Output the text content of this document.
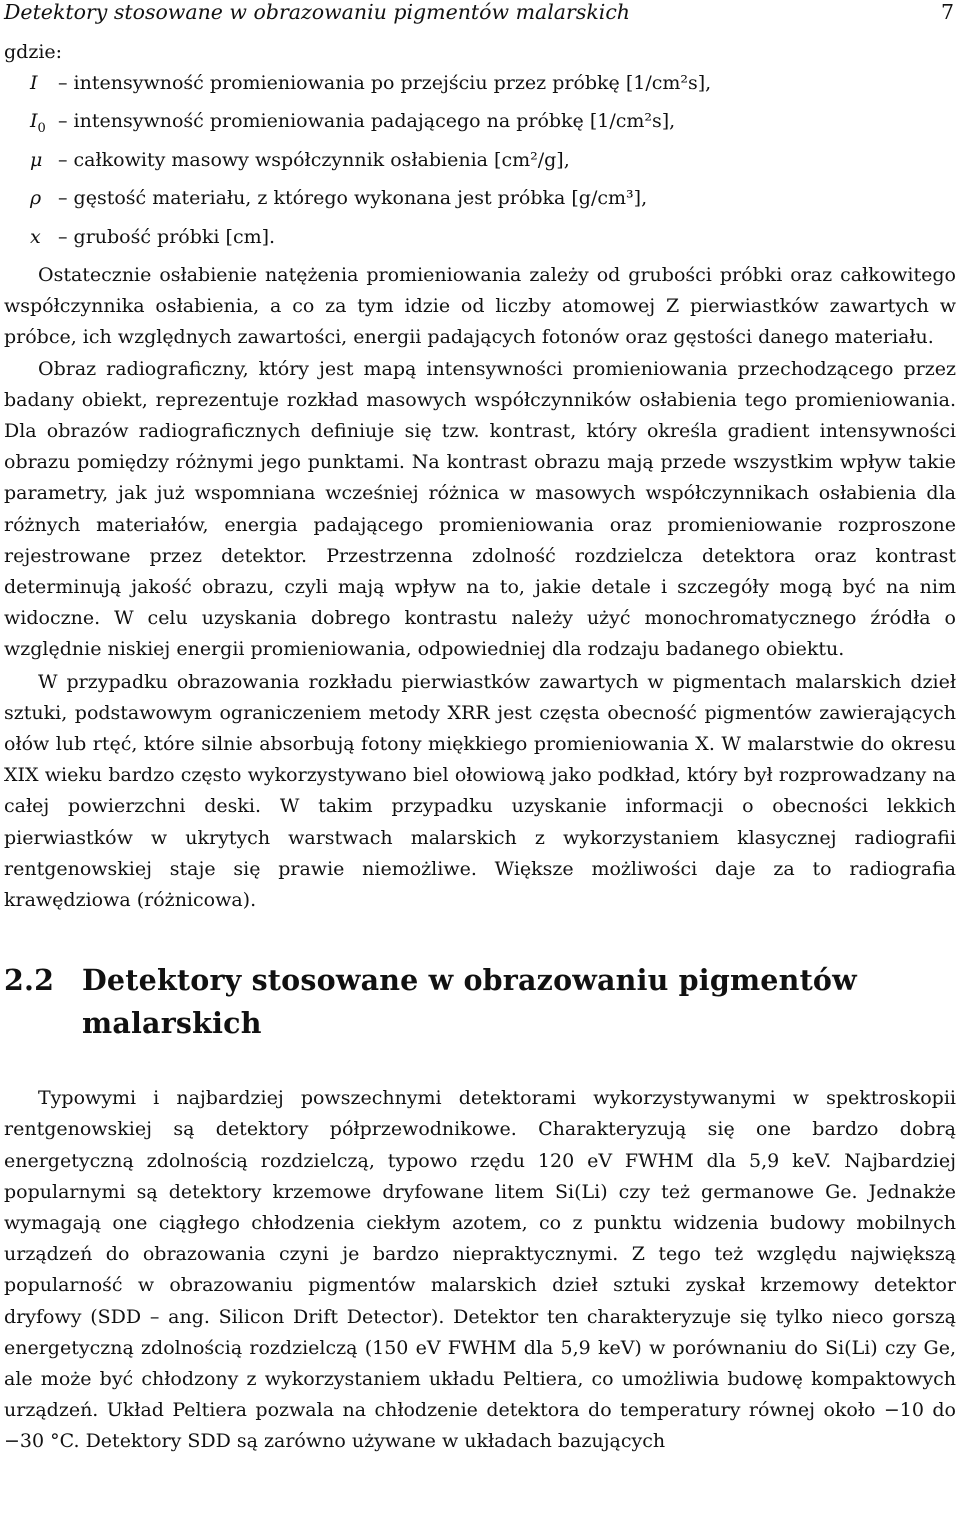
Detektory stosowane w obrazowaniu pigmentów malarskich	7
gdzie:
I	– intensywność promieniowania po przejściu przez próbkę [1/cm²s],
$I_0$ – intensywność promieniowania padającego na próbkę [1/cm²s],
μ – całkowity masowy współczynnik osłabienia [cm²/g],
ρ – gęstość materiału, z którego wykonana jest próbka [g/cm³],
x – grubość próbki [cm].

Ostatecznie osłabienie natężenia promieniowania zależy od grubości próbki oraz całkowitego współczynnika osłabienia, a co za tym idzie od liczby atomowej Z pierwiastków zawartych w próbce, ich względnych zawartości, energii padających fotonów oraz gęstości danego materiału.

Obraz radiograficzny, który jest mapą intensywności promieniowania przechodzącego przez badany obiekt, reprezentuje rozkład masowych współczynników osłabienia tego promieniowania. Dla obrazów radiograficznych definiuje się tzw. kontrast, który określa gradient intensywności obrazu pomiędzy różnymi jego punktami. Na kontrast obrazu mają przede wszystkim wpływ takie parametry, jak już wspomniana wcześniej różnica w masowych współczynnikach osłabienia dla różnych materiałów, energia padającego promieniowania oraz promieniowanie rozproszone rejestrowane przez detektor. Przestrzenna zdolność rozdzielcza detektora oraz kontrast determinują jakość obrazu, czyli mają wpływ na to, jakie detale i szczegóły mogą być na nim widoczne. W celu uzyskania dobrego kontrastu należy użyć monochromatycznego źródła o względnie niskiej energii promieniowania, odpowiedniej dla rodzaju badanego obiektu.

W przypadku obrazowania rozkładu pierwiastków zawartych w pigmentach malarskich dzieł sztuki, podstawowym ograniczeniem metody XRR jest częsta obecność pigmentów zawierających ołów lub rtęć, które silnie absorbują fotony miękkiego promieniowania X. W malarstwie do okresu XIX wieku bardzo często wykorzystywano biel ołowiową jako podkład, który był rozprowadzany na całej powierzchni deski. W takim przypadku uzyskanie informacji o obecności lekkich pierwiastków w ukrytych warstwach malarskich z wykorzystaniem klasycznej radiografii rentgenowskiej staje się prawie niemożliwe. Większe możliwości daje za to radiografia krawędziowa (różnicowa).

2.2 Detektory stosowane w obrazowaniu pigmentów malarskich

Typowymi i najbardziej powszechnymi detektorami wykorzystywanymi w spektroskopii rentgenowskiej są detektory półprzewodnikowe. Charakteryzują się one bardzo dobrą energetyczną zdolnością rozdzielczą, typowo rzędu 120 eV FWHM dla 5,9 keV. Najbardziej popularnymi są detektory krzemowe dryfowane litem Si(Li) czy też germanowe Ge. Jednakże wymagają one ciągłego chłodzenia ciekłym azotem, co z punktu widzenia budowy mobilnych urządzeń do obrazowania czyni je bardzo niepraktycznymi. Z tego też względu największą popularność w obrazowaniu pigmentów malarskich dzieł sztuki zyskał krzemowy detektor dryfowy (SDD – ang. Silicon Drift Detector). Detektor ten charakteryzuje się tylko nieco gorszą energetyczną zdolnością rozdzielczą (150 eV FWHM dla 5,9 keV) w porównaniu do Si(Li) czy Ge, ale może być chłodzony z wykorzystaniem układu Peltiera, co umożliwia budowę kompaktowych urządzeń. Układ Peltiera pozwala na chłodzenie detektora do temperatury równej około −10 do −30 °C. Detektory SDD są zarówno używane w układach bazujących
